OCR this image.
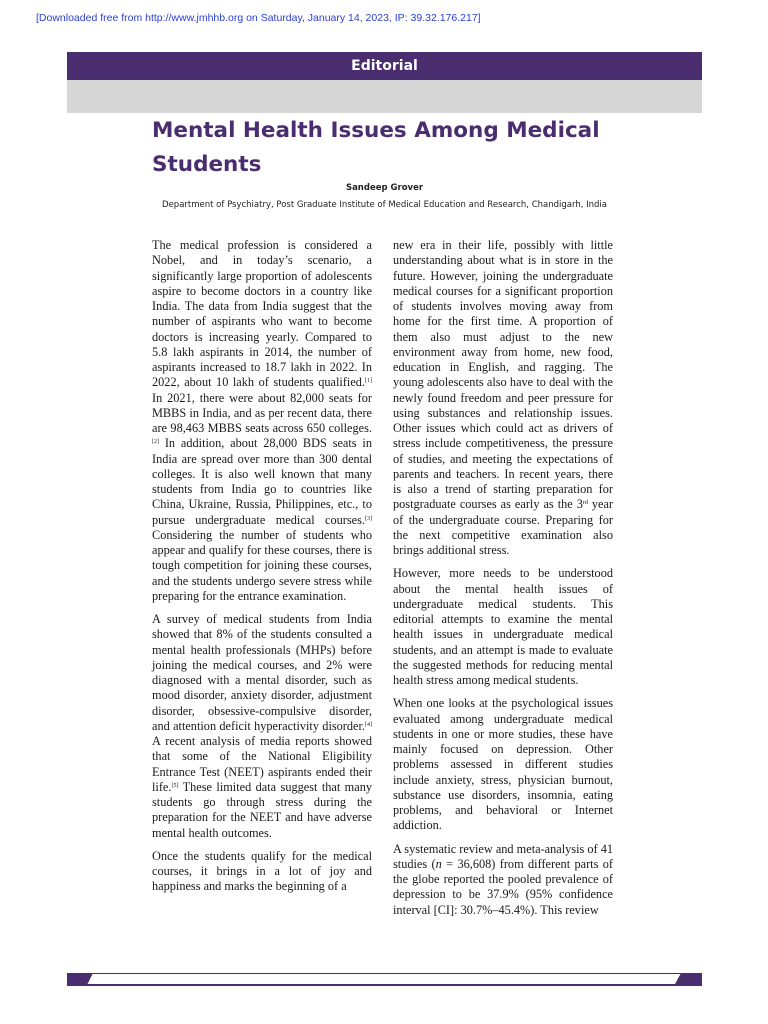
[Downloaded free from http://www.jmhhb.org on Saturday, January 14, 2023, IP: 39.32.176.217]
Editorial
Mental Health Issues Among Medical Students
Sandeep Grover
Department of Psychiatry, Post Graduate Institute of Medical Education and Research, Chandigarh, India

The medical profession is considered a Nobel, and in today’s scenario, a significantly large proportion of adolescents aspire to become doctors in a country like India. The data from India suggest that the number of aspirants who want to become doctors is increasing yearly. Compared to 5.8 lakh aspirants in 2014, the number of aspirants increased to 18.7 lakh in 2022. In 2022, about 10 lakh of students qualified.[1] In 2021, there were about 82,000 seats for MBBS in India, and as per recent data, there are 98,463 MBBS seats across 650 colleges.[2] In addition, about 28,000 BDS seats in India are spread over more than 300 dental colleges. It is also well known that many students from India go to countries like China, Ukraine, Russia, Philippines, etc., to pursue undergraduate medical courses.[3] Considering the number of students who appear and qualify for these courses, there is tough competition for joining these courses, and the students undergo severe stress while preparing for the entrance examination.

A survey of medical students from India showed that 8% of the students consulted a mental health professionals (MHPs) before joining the medical courses, and 2% were diagnosed with a mental disorder, such as mood disorder, anxiety disorder, adjustment disorder, obsessive-compulsive disorder, and attention deficit hyperactivity disorder.[4] A recent analysis of media reports showed that some of the National Eligibility Entrance Test (NEET) aspirants ended their life.[5] These limited data suggest that many students go through stress during the preparation for the NEET and have adverse mental health outcomes.

Once the students qualify for the medical courses, it brings in a lot of joy and happiness and marks the beginning of a

new era in their life, possibly with little understanding about what is in store in the future. However, joining the undergraduate medical courses for a significant proportion of students involves moving away from home for the first time. A proportion of them also must adjust to the new environment away from home, new food, education in English, and ragging. The young adolescents also have to deal with the newly found freedom and peer pressure for using substances and relationship issues. Other issues which could act as drivers of stress include competitiveness, the pressure of studies, and meeting the expectations of parents and teachers. In recent years, there is also a trend of starting preparation for postgraduate courses as early as the 3rd year of the undergraduate course. Preparing for the next competitive examination also brings additional stress.

However, more needs to be understood about the mental health issues of undergraduate medical students. This editorial attempts to examine the mental health issues in undergraduate medical students, and an attempt is made to evaluate the suggested methods for reducing mental health stress among medical students.

When one looks at the psychological issues evaluated among undergraduate medical students in one or more studies, these have mainly focused on depression. Other problems assessed in different studies include anxiety, stress, physician burnout, substance use disorders, insomnia, eating problems, and behavioral or Internet addiction.

A systematic review and meta-analysis of 41 studies (n = 36,608) from different parts of the globe reported the pooled prevalence of depression to be 37.9% (95% confidence interval [CI]: 30.7%–45.4%). This review
